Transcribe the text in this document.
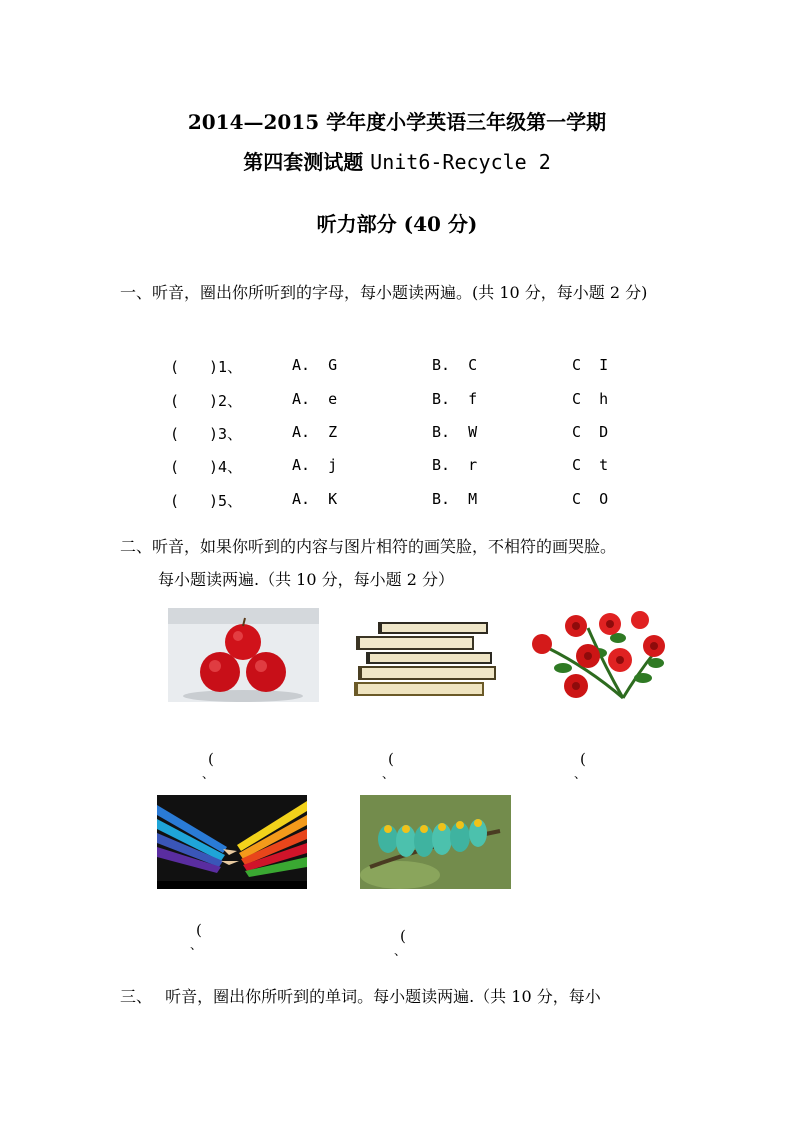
2014—2015 学年度小学英语三年级第一学期
第四套测试题 Unit6-Recycle 2
听力部分 (40 分)
一、听音，圈出你所听到的字母，每小题读两遍。(共 10 分，每小题 2 分)
(　　)1、	A.  G	B.  C	C  I
(　　)2、	A.  e	B.  f	C  h
(　　)3、	A.  Z	B.  W	C  D
(　　)4、	A.  j	B.  r	C  t
(　　)5、	A.  K	B.  M	C  O
二、听音，如果你听到的内容与图片相符的画笑脸，不相符的画哭脸。
每小题读两遍.（共 10 分，每小题 2 分）
(
、
(
、
(
、
(
、	(
、
三、　 听音，圈出你所听到的单词。每小题读两遍.（共 10 分，每小
